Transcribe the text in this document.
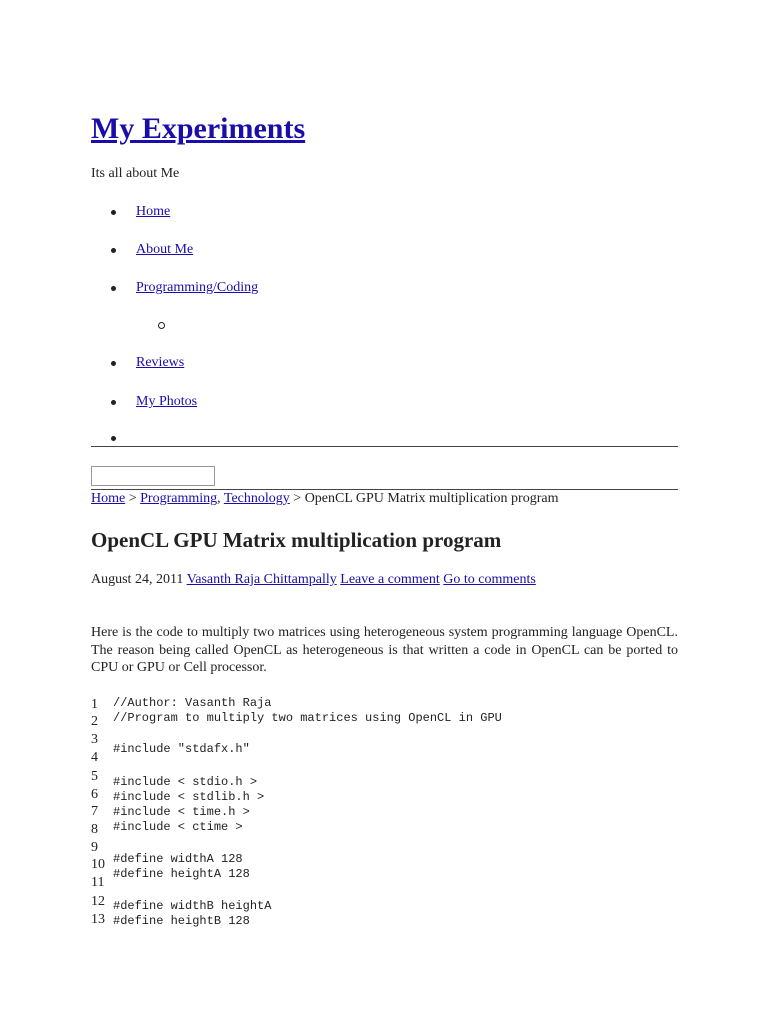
My Experiments
Its all about Me
Home
About Me
Programming/Coding
Reviews
My Photos
Home > Programming, Technology > OpenCL GPU Matrix multiplication program
OpenCL GPU Matrix multiplication program
August 24, 2011 Vasanth Raja Chittampally Leave a comment Go to comments

Here is the code to multiply two matrices using heterogeneous system programming language OpenCL. The reason being called OpenCL as heterogeneous is that written a code in OpenCL can be ported to CPU or GPU or Cell processor.

1
2
3
4
5
6
7
8
9
10
11
12
13
//Author: Vasanth Raja
//Program to multiply two matrices using OpenCL in GPU
#include "stdafx.h"
#include < stdio.h >
#include < stdlib.h >
#include < time.h >
#include < ctime >
#define widthA 128
#define heightA 128
#define widthB heightA
#define heightB 128
